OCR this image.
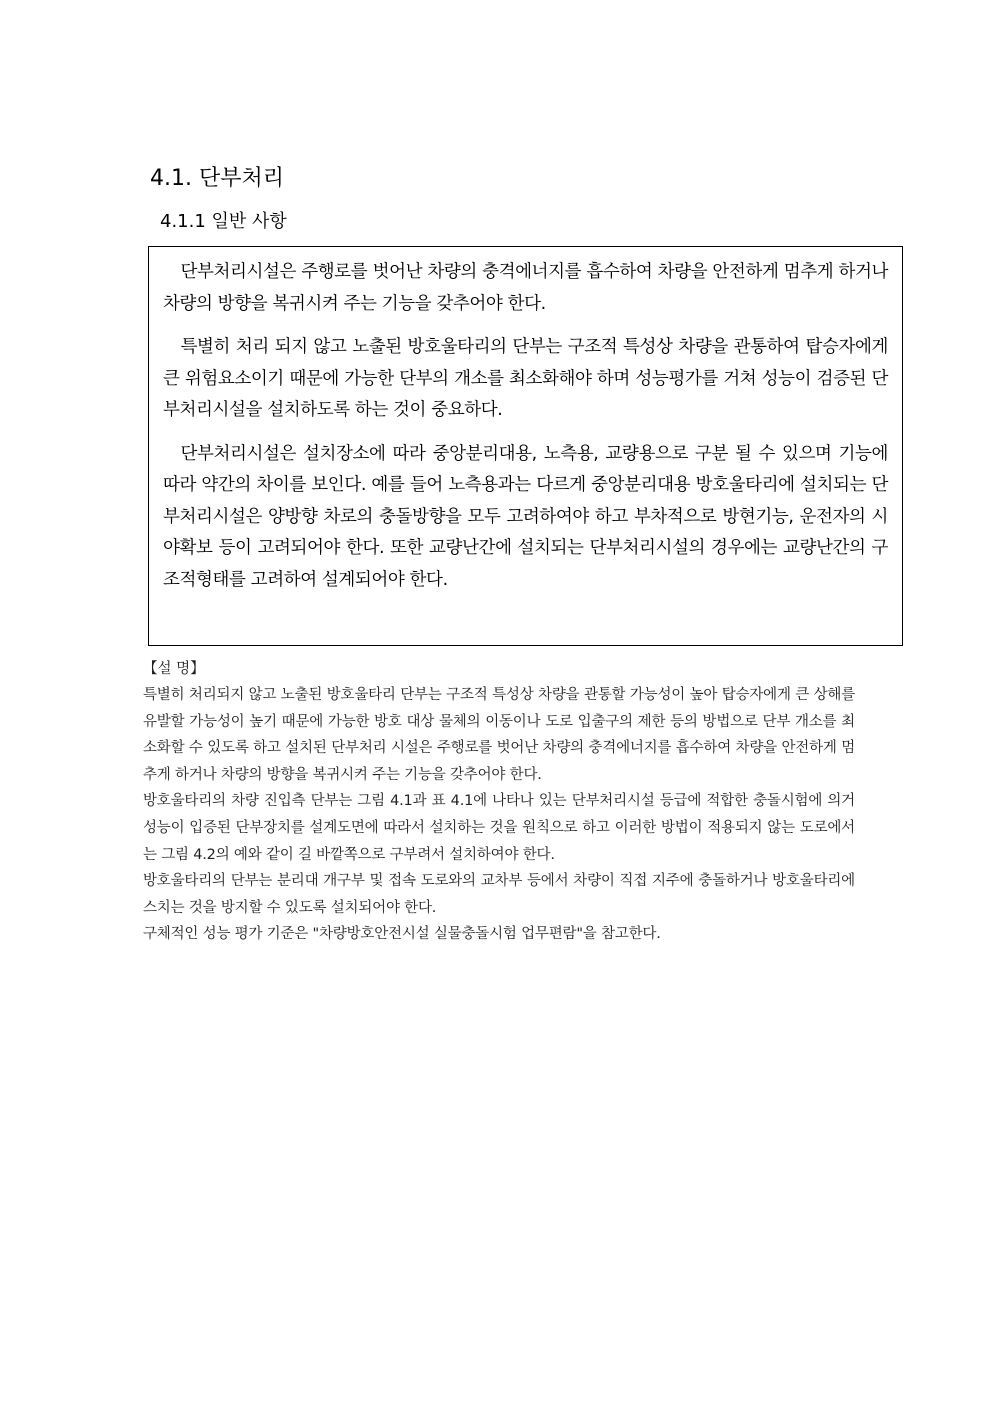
4.1. 단부처리
4.1.1 일반 사항

단부처리시설은 주행로를 벗어난 차량의 충격에너지를 흡수하여 차량을 안전하게 멈추게 하거나 차량의 방향을 복귀시켜 주는 기능을 갖추어야 한다.

특별히 처리 되지 않고 노출된 방호울타리의 단부는 구조적 특성상 차량을 관통하여 탑승자에게 큰 위험요소이기 때문에 가능한 단부의 개소를 최소화해야 하며 성능평가를 거쳐 성능이 검증된 단부처리시설을 설치하도록 하는 것이 중요하다.

단부처리시설은 설치장소에 따라 중앙분리대용, 노측용, 교량용으로 구분 될 수 있으며 기능에 따라 약간의 차이를 보인다. 예를 들어 노측용과는 다르게 중앙분리대용 방호울타리에 설치되는 단부처리시설은 양방향 차로의 충돌방향을 모두 고려하여야 하고 부차적으로 방현기능, 운전자의 시야확보 등이 고려되어야 한다. 또한 교량난간에 설치되는 단부처리시설의 경우에는 교량난간의 구조적형태를 고려하여 설계되어야 한다.

【설 명】

특별히 처리되지 않고 노출된 방호울타리 단부는 구조적 특성상 차량을 관통할 가능성이 높아 탑승자에게 큰 상해를 유발할 가능성이 높기 때문에 가능한 방호 대상 물체의 이동이나 도로 입출구의 제한 등의 방법으로 단부 개소를 최소화할 수 있도록 하고 설치된 단부처리 시설은 주행로를 벗어난 차량의 충격에너지를 흡수하여 차량을 안전하게 멈추게 하거나 차량의 방향을 복귀시켜 주는 기능을 갖추어야 한다.

방호울타리의 차량 진입측 단부는 그림 4.1과 표 4.1에 나타나 있는 단부처리시설 등급에 적합한 충돌시험에 의거 성능이 입증된 단부장치를 설계도면에 따라서 설치하는 것을 원칙으로 하고 이러한 방법이 적용되지 않는 도로에서는 그림 4.2의 예와 같이 길 바깥쪽으로 구부려서 설치하여야 한다.

방호울타리의 단부는 분리대 개구부 및 접속 도로와의 교차부 등에서 차량이 직접 지주에 충돌하거나 방호울타리에 스치는 것을 방지할 수 있도록 설치되어야 한다.

구체적인 성능 평가 기준은 "차량방호안전시설 실물충돌시험 업무편람"을 참고한다.
